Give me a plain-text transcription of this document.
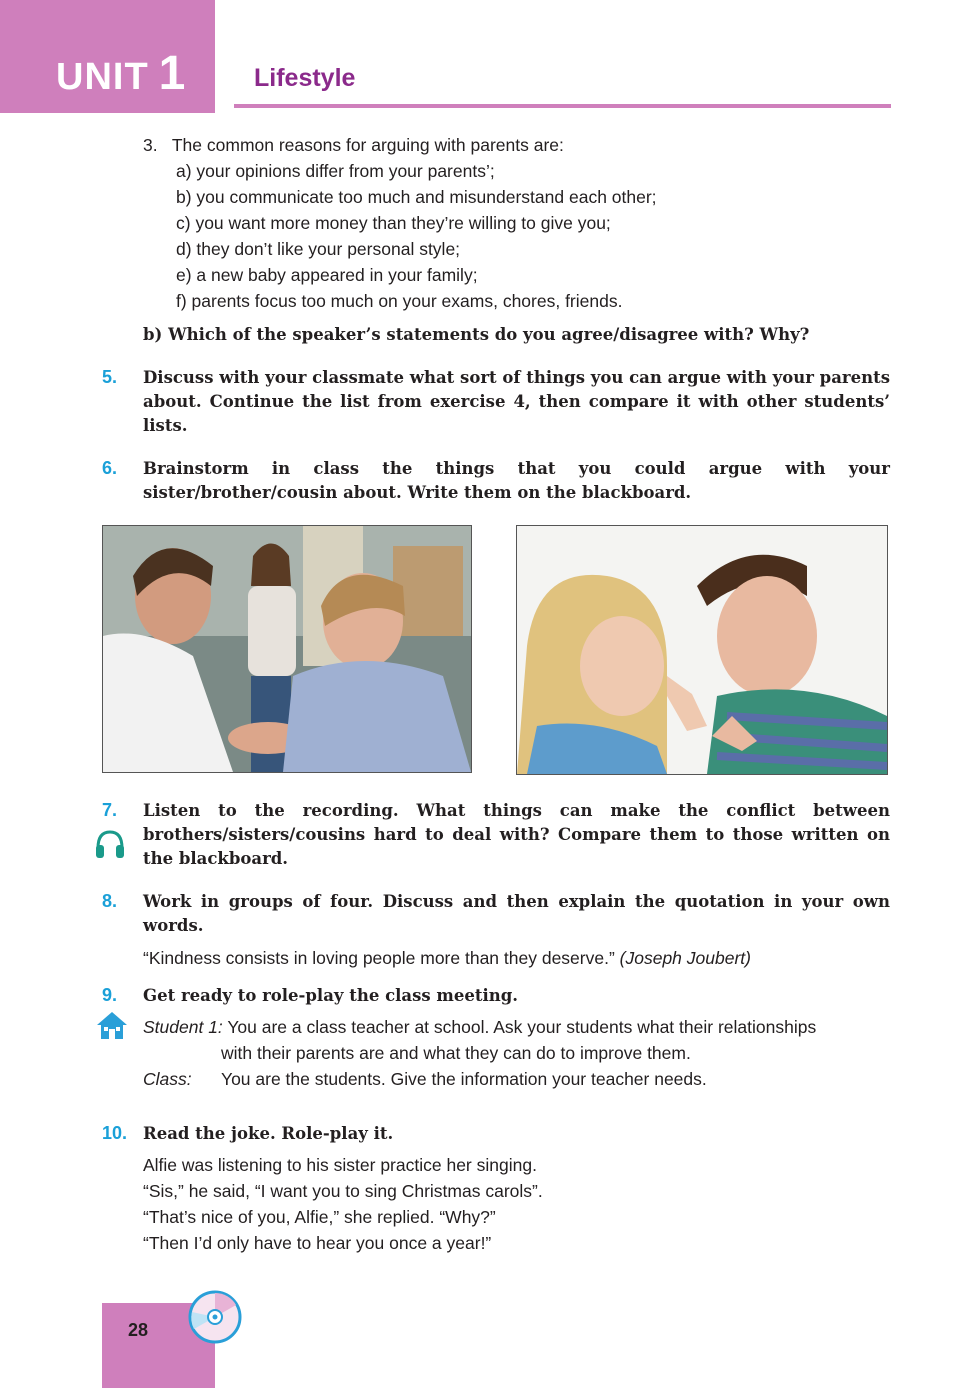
UNIT 1	Lifestyle
3.   The common reasons for arguing with parents are:
a) your opinions differ from your parents’;
b) you communicate too much and misunderstand each other;
c) you want more money than they’re willing to give you;
d) they don’t like your personal style;
e) a new baby appeared in your family;
f) parents focus too much on your exams, chores, friends.
b) Which of the speaker’s statements do you agree/disagree with? Why?
5. Discuss with your classmate what sort of things you can argue with your parents about. Continue the list from exercise 4, then compare it with other students’ lists.
6. Brainstorm in class the things that you could argue with your sister/brother/cousin about. Write them on the blackboard.
7. Listen to the recording. What things can make the conflict between brothers/sisters/cousins hard to deal with? Compare them to those written on the blackboard.
8. Work in groups of four. Discuss and then explain the quotation in your own words.
“Kindness consists in loving people more than they deserve.” (Joseph Joubert)
9. Get ready to role-play the class meeting.
Student 1: You are a class teacher at school. Ask your students what their relationships
with their parents are and what they can do to improve them.
Class:	You are the students. Give the information your teacher needs.
10. Read the joke. Role-play it.
Alfie was listening to his sister practice her singing.
“Sis,” he said, “I want you to sing Christmas carols”.
“That’s nice of you, Alfie,” she replied. “Why?”
“Then I’d only have to hear you once a year!”
28
